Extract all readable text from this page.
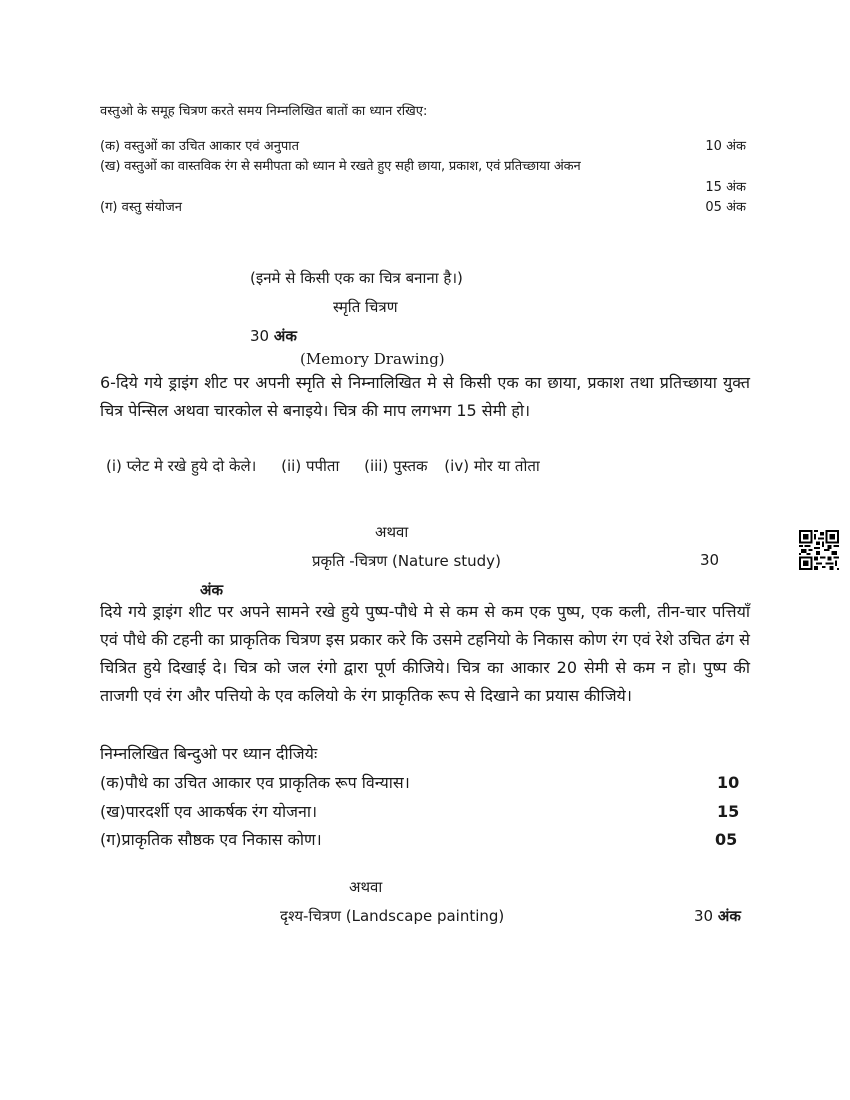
वस्तुओ के समूह चित्रण करते समय निम्नलिखित बातों का ध्यान रखिए:
(क) वस्तुओं का उचित आकार एवं अनुपात	10 अंक
(ख) वस्तुओं का वास्तविक रंग से समीपता को ध्यान मे रखते हुए सही छाया, प्रकाश, एवं प्रतिच्छाया अंकन
15 अंक
(ग) वस्तु संयोजन	05 अंक
(इनमे से किसी एक का चित्र बनाना है।)
स्मृति चित्रण
30 अंक
(Memory Drawing)
6-दिये गये ड्राइंग शीट पर अपनी स्मृति से निम्नालिखित मे से किसी एक का छाया, प्रकाश तथा प्रतिच्छाया युक्त चित्र पेन्सिल अथवा चारकोल से बनाइये। चित्र की माप लगभग 15 सेमी हो।
(i) प्लेट मे रखे हुये दो केले। (ii) पपीता (iii) पुस्तक (iv) मोर या तोता
अथवा
प्रकृति -चित्रण (Nature study)	30
अंक
दिये गये ड्राइंग शीट पर अपने सामने रखे हुये पुष्प-पौधे मे से कम से कम एक पुष्प, एक कली, तीन-चार पत्तियाँ एवं पौधे की टहनी का प्राकृतिक चित्रण इस प्रकार करे कि उसमे टहनियो के निकास कोण रंग एवं रेशे उचित ढंग से चित्रित हुये दिखाई दे। चित्र को जल रंगो द्वारा पूर्ण कीजिये। चित्र का आकार 20 सेमी से कम न हो। पुष्प की ताजगी एवं रंग और पत्तियो के एव कलियो के रंग प्राकृतिक रूप से दिखाने का प्रयास कीजिये।
निम्नलिखित बिन्दुओ पर ध्यान दीजियेः
(क)पौधे का उचित आकार एव प्राकृतिक रूप विन्यास।	10
(ख)पारदर्शी एव आकर्षक रंग योजना।	15
(ग)प्राकृतिक सौष्ठक एव निकास कोण।	05
अथवा
दृश्य-चित्रण (Landscape painting)	30 अंक
